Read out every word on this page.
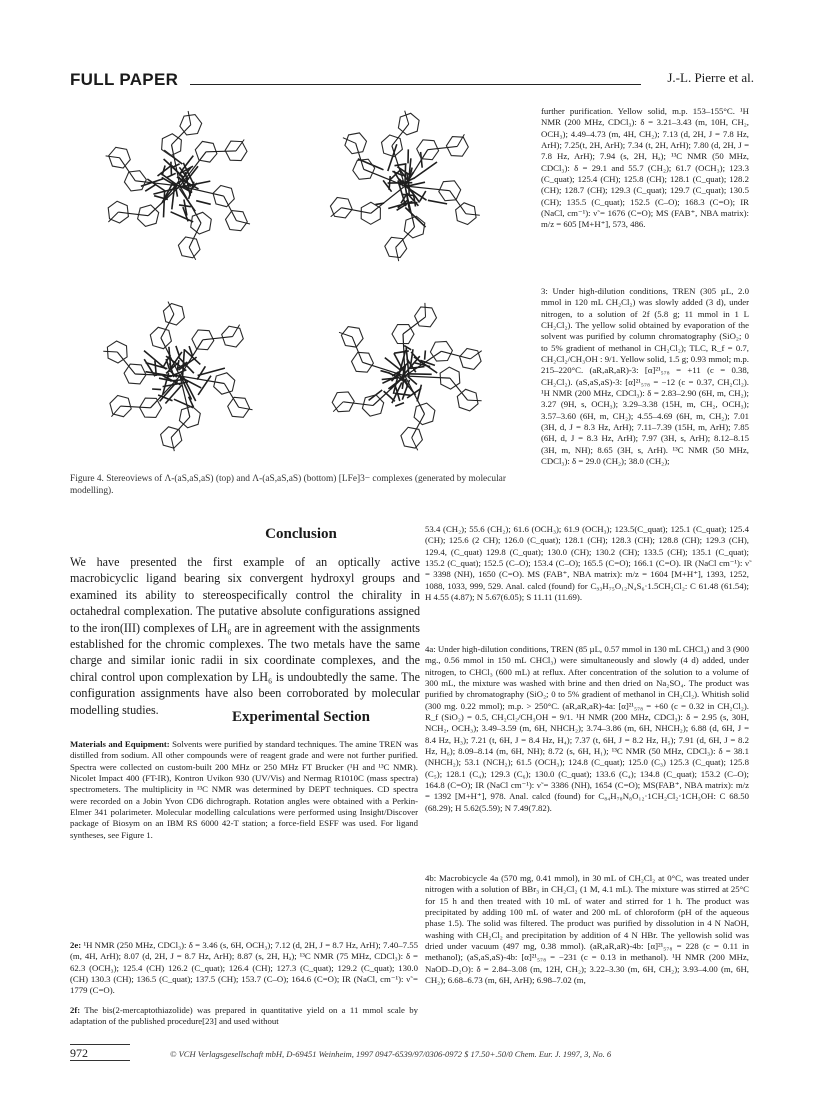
FULL PAPER	J.-L. Pierre et al.
Figure 4. Stereoviews of Λ-(aS,aS,aS) (top) and Λ-(aS,aS,aS) (bottom) [LFe]3− complexes (generated by molecular modelling).
further purification. Yellow solid, m.p. 153–155°C. ¹H NMR (200 MHz, CDCl₃): δ = 3.21–3.43 (m, 10H, CH₂, OCH₃); 4.49–4.73 (m, 4H, CH₂); 7.13 (d, 2H, J = 7.8 Hz, ArH); 7.25(t, 2H, ArH); 7.34 (t, 2H, ArH); 7.80 (d, 2H, J = 7.8 Hz, ArH); 7.94 (s, 2H, Hₐ); ¹³C NMR (50 MHz, CDCl₃): δ = 29.1 and 55.7 (CH₂); 61.7 (OCH₃); 123.3 (C_quat); 125.4 (CH); 125.8 (CH); 128.1 (C_quat); 128.2 (CH); 128.7 (CH); 129.3 (C_quat); 129.7 (C_quat); 130.5 (CH); 135.5 (C_quat); 152.5 (C–O); 168.3 (C=O); IR (NaCl, cm⁻¹): ν̃ = 1676 (C=O); MS (FAB⁺, NBA matrix): m/z = 605 [M+H⁺], 573, 486.
3: Under high-dilution conditions, TREN (305 µL, 2.0 mmol in 120 mL CH₂Cl₂) was slowly added (3 d), under nitrogen, to a solution of 2f (5.8 g; 11 mmol in 1 L CH₂Cl₂). The yellow solid obtained by evaporation of the solvent was purified by column chromatography (SiO₂; 0 to 5% gradient of methanol in CH₂Cl₂); TLC, R_f = 0.7, CH₂Cl₂/CH₃OH : 9/1. Yellow solid, 1.5 g; 0.93 mmol; m.p. 215–220°C. (aR,aR,aR)-3: [α]²¹₅₇₈ = +11 (c = 0.38, CH₂Cl₂). (aS,aS,aS)-3: [α]²¹₅₇₈ = −12 (c = 0.37, CH₂Cl₂). ¹H NMR (200 MHz, CDCl₃): δ = 2.83–2.90 (6H, m, CH₂); 3.27 (9H, s, OCH₃); 3.29–3.38 (15H, m, CH₂, OCH₃); 3.57–3.60 (6H, m, CH₂); 4.55–4.69 (6H, m, CH₂); 7.01 (3H, d, J = 8.3 Hz, ArH); 7.11–7.39 (15H, m, ArH); 7.85 (6H, d, J = 8.3 Hz, ArH); 7.97 (3H, s, ArH); 8.12–8.15 (3H, m, NH); 8.65 (3H, s, ArH). ¹³C NMR (50 MHz, CDCl₃): δ = 29.0 (CH₂); 38.0 (CH₂);
53.4 (CH₂); 55.6 (CH₂); 61.6 (OCH₃); 61.9 (OCH₃); 123.5(C_quat); 125.1 (C_quat); 125.4 (CH); 125.6 (2 CH); 126.0 (C_quat); 128.1 (CH); 128.3 (CH); 128.8 (CH); 129.3 (CH), 129.4, (C_quat) 129.8 (C_quat); 130.0 (CH); 130.2 (CH); 133.5 (CH); 135.1 (C_quat); 135.2 (C_quat); 152.5 (C–O); 153.4 (C–O); 165.5 (C=O); 166.1 (C=O). IR (NaCl cm⁻¹): ν̃ = 3398 (NH), 1650 (C=O). MS (FAB⁺, NBA matrix): m/z = 1604 [M+H⁺], 1393, 1252, 1088, 1033, 999, 529. Anal. calcd (found) for C₉₃H₇₅O₁₂N₄S₆·1.5CH₂Cl₂: C 61.48 (61.54); H 4.55 (4.87); N 5.67(6.05); S 11.11 (11.69).
Conclusion
We have presented the first example of an optically active macrobicyclic ligand bearing six convergent hydroxyl groups and examined its ability to stereospecifically control the chirality in octahedral complexation. The putative absolute configurations assigned to the iron(III) complexes of LH₆ are in agreement with the assignments established for the chromic complexes. The two metals have the same charge and similar ionic radii in six coordinate complexes, and the chiral control upon complexation by LH₆ is undoubtedly the same. The configuration assignments have also been corroborated by molecular modelling studies.	Experimental Section
Materials and Equipment: Solvents were purified by standard techniques. The amine TREN was distilled from sodium. All other compounds were of reagent grade and were not further purified. Spectra were collected on custom-built 200 MHz or 250 MHz FT Brucker (¹H and ¹³C NMR). Nicolet Impact 400 (FT-IR), Kontron Uvikon 930 (UV/Vis) and Nermag R1010C (mass spectra) spectrometers. The multiplicity in ¹³C NMR was determined by DEPT techniques. CD spectra were recorded on a Jobin Yvon CD6 dichrograph. Rotation angles were obtained with a Perkin-Elmer 341 polarimeter. Molecular modelling calculations were performed using Insight/Discover package of Biosym on an IBM RS 6000 42-T station; a force-field ESFF was used. For ligand syntheses, see Figure 1.
2e: ¹H NMR (250 MHz, CDCl₃): δ = 3.46 (s, 6H, OCH₃); 7.12 (d, 2H, J = 8.7 Hz, ArH); 7.40–7.55 (m, 4H, ArH); 8.07 (d, 2H, J = 8.7 Hz, ArH); 8.87 (s, 2H, Hₐ); ¹³C NMR (75 MHz, CDCl₃): δ = 62.3 (OCH₃); 125.4 (CH) 126.2 (C_quat); 126.4 (CH); 127.3 (C_quat); 129.2 (C_quat); 130.0 (CH) 130.3 (CH); 136.5 (C_quat); 137.5 (CH); 153.7 (C–O); 164.6 (C=O); IR (NaCl, cm⁻¹): ν̃ = 1779 (C=O).
2f: The bis(2-mercaptothiazolide) was prepared in quantitative yield on a 11 mmol scale by adaptation of the published procedure[23] and used without
4a: Under high-dilution conditions, TREN (85 µL, 0.57 mmol in 130 mL CHCl₃) and 3 (900 mg., 0.56 mmol in 150 mL CHCl₃) were simultaneously and slowly (4 d) added, under nitrogen, to CHCl₃ (600 mL) at reflux. After concentration of the solution to a volume of 300 mL, the mixture was washed with brine and then dried on Na₂SO₄. The product was purified by chromatography (SiO₂; 0 to 5% gradient of methanol in CH₂Cl₂). Whitish solid (300 mg. 0.22 mmol); m.p. > 250°C. (aR,aR,aR)-4a: [α]²¹₅₇₈ = +60 (c = 0.32 in CH₂Cl₂). R_f (SiO₂) = 0.5, CH₂Cl₂/CH₃OH = 9/1. ¹H NMR (200 MHz, CDCl₃): δ = 2.95 (s, 30H, NCH₂, OCH₃); 3.49–3.59 (m, 6H, NHCH₂); 3.74–3.86 (m, 6H, NHCH₂); 6.88 (d, 6H, J = 8.4 Hz, H₃); 7.21 (t, 6H, J = 8.4 Hz, H₄); 7.37 (t, 6H, J = 8.2 Hz, H₅); 7.91 (d, 6H, J = 8.2 Hz, H₆); 8.09–8.14 (m, 6H, NH); 8.72 (s, 6H, H₁); ¹³C NMR (50 MHz, CDCl₃): δ = 38.1 (NHCH₂); 53.1 (NCH₂); 61.5 (OCH₃); 124.8 (C_quat); 125.0 (C₃) 125.3 (C_quat); 125.8 (C₅); 128.1 (C₄); 129.3 (C₆); 130.0 (C_quat); 133.6 (C₄); 134.8 (C_quat); 153.2 (C–O); 164.8 (C=O); IR (NaCl cm⁻¹): ν̃ = 3386 (NH), 1654 (C=O); MS(FAB⁺, NBA matrix): m/z = 1392 [M+H⁺], 978. Anal. calcd (found) for C₈₄H₇₈N₈O₁₂·1CH₂Cl₂·1CH₃OH: C 68.50 (68.29); H 5.62(5.59); N 7.49(7.82).
4b: Macrobicycle 4a (570 mg, 0.41 mmol), in 30 mL of CH₂Cl₂ at 0°C, was treated under nitrogen with a solution of BBr₃ in CH₂Cl₂ (1 M, 4.1 mL). The mixture was stirred at 25°C for 15 h and then treated with 10 mL of water and stirred for 1 h. The product was precipitated by adding 100 mL of water and 200 mL of chloroform (pH of the aqueous phase 1.5). The solid was filtered. The product was purified by dissolution in 4 N NaOH, washing with CH₂Cl₂ and precipitation by addition of 4 N HBr. The yellowish solid was dried under vacuum (497 mg, 0.38 mmol). (aR,aR,aR)-4b: [α]²¹₅₇₈ = 228 (c = 0.11 in methanol); (aS,aS,aS)-4b: [α]²¹₅₇₈ = −231 (c = 0.13 in methanol). ¹H NMR (200 MHz, NaOD–D₂O): δ = 2.84–3.08 (m, 12H, CH₂); 3.22–3.30 (m, 6H, CH₂); 3.93–4.00 (m, 6H, CH₂); 6.68–6.73 (m, 6H, ArH); 6.98–7.02 (m,
972	© VCH Verlagsgesellschaft mbH, D-69451 Weinheim, 1997 0947-6539/97/0306-0972 $ 17.50+.50/0 Chem. Eur. J. 1997, 3, No. 6
